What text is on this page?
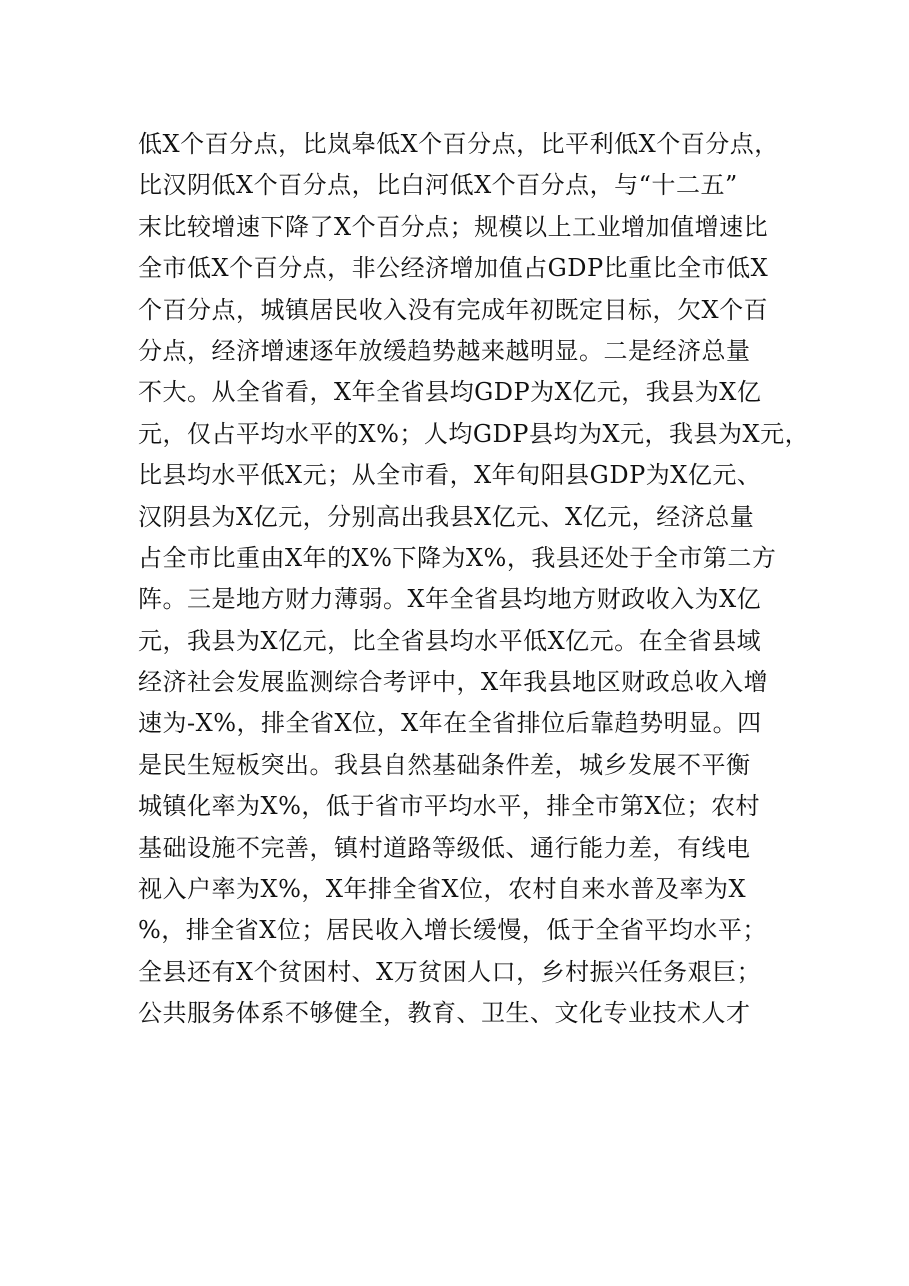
低X个百分点，比岚皋低X个百分点，比平利低X个百分点，
比汉阴低X个百分点，比白河低X个百分点，与“十二五”
末比较增速下降了X个百分点；规模以上工业增加值增速比
全市低X个百分点，非公经济增加值占GDP比重比全市低X
个百分点，城镇居民收入没有完成年初既定目标，欠X个百
分点，经济增速逐年放缓趋势越来越明显。二是经济总量
不大。从全省看，X年全省县均GDP为X亿元，我县为X亿
元，仅占平均水平的X%；人均GDP县均为X元，我县为X元，
比县均水平低X元；从全市看，X年旬阳县GDP为X亿元、
汉阴县为X亿元，分别高出我县X亿元、X亿元，经济总量
占全市比重由X年的X%下降为X%，我县还处于全市第二方
阵。三是地方财力薄弱。X年全省县均地方财政收入为X亿
元，我县为X亿元，比全省县均水平低X亿元。在全省县域
经济社会发展监测综合考评中，X年我县地区财政总收入增
速为-X%，排全省X位，X年在全省排位后靠趋势明显。四
是民生短板突出。我县自然基础条件差，城乡发展不平衡
城镇化率为X%，低于省市平均水平，排全市第X位；农村
基础设施不完善，镇村道路等级低、通行能力差，有线电
视入户率为X%，X年排全省X位，农村自来水普及率为X
%，排全省X位；居民收入增长缓慢，低于全省平均水平；
全县还有X个贫困村、X万贫困人口，乡村振兴任务艰巨；
公共服务体系不够健全，教育、卫生、文化专业技术人才
